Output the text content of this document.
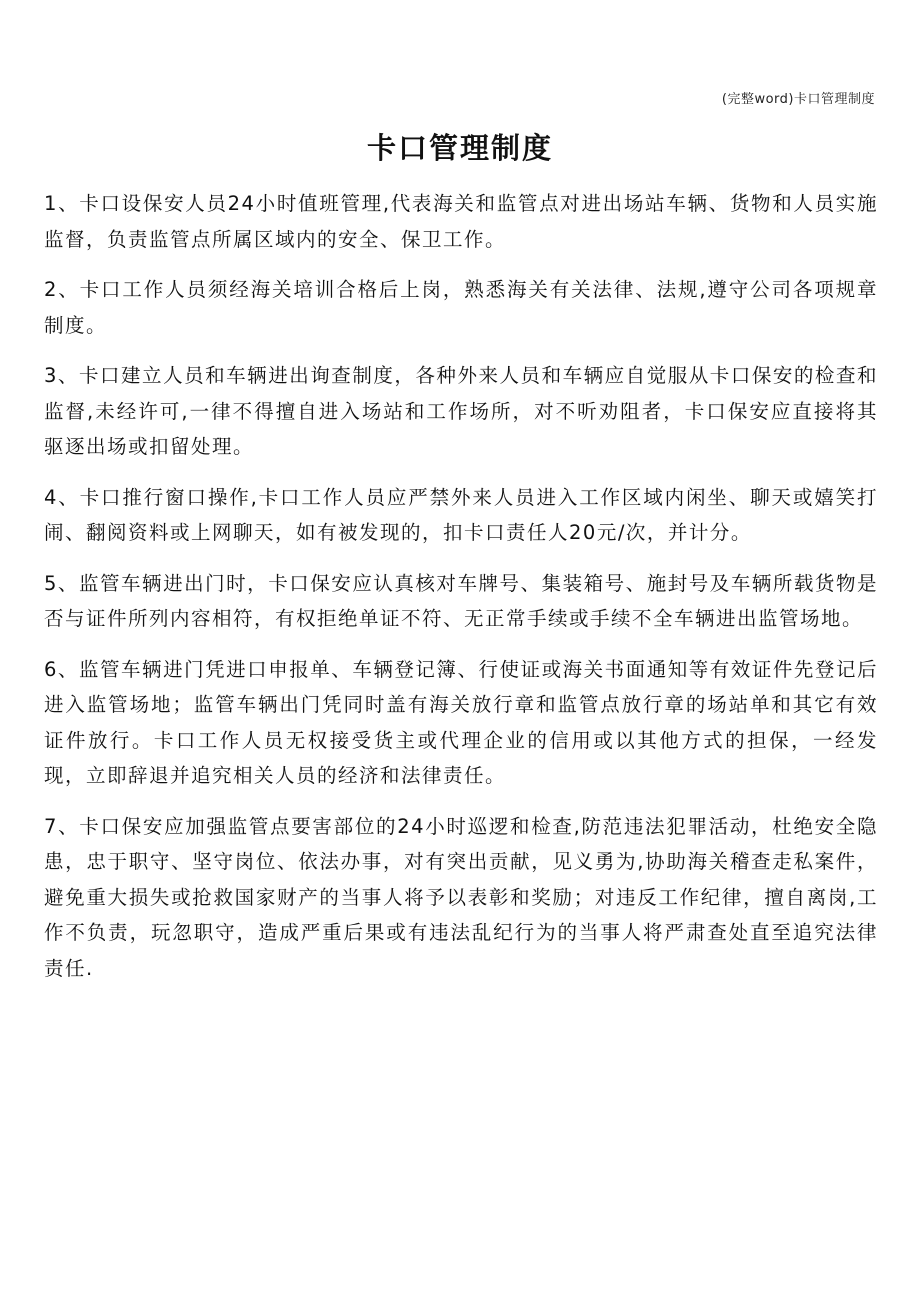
(完整word)卡口管理制度
卡口管理制度

1、卡口设保安人员24小时值班管理,代表海关和监管点对进出场站车辆、货物和人员实施监督，负责监管点所属区域内的安全、保卫工作。

2、卡口工作人员须经海关培训合格后上岗，熟悉海关有关法律、法规,遵守公司各项规章制度。

3、卡口建立人员和车辆进出询查制度，各种外来人员和车辆应自觉服从卡口保安的检查和监督,未经许可,一律不得擅自进入场站和工作场所，对不听劝阻者，卡口保安应直接将其驱逐出场或扣留处理。

4、卡口推行窗口操作,卡口工作人员应严禁外来人员进入工作区域内闲坐、聊天或嬉笑打闹、翻阅资料或上网聊天，如有被发现的，扣卡口责任人20元/次，并计分。

5、监管车辆进出门时，卡口保安应认真核对车牌号、集装箱号、施封号及车辆所载货物是否与证件所列内容相符，有权拒绝单证不符、无正常手续或手续不全车辆进出监管场地。

6、监管车辆进门凭进口申报单、车辆登记簿、行使证或海关书面通知等有效证件先登记后进入监管场地；监管车辆出门凭同时盖有海关放行章和监管点放行章的场站单和其它有效证件放行。卡口工作人员无权接受货主或代理企业的信用或以其他方式的担保，一经发现，立即辞退并追究相关人员的经济和法律责任。

7、卡口保安应加强监管点要害部位的24小时巡逻和检查,防范违法犯罪活动，杜绝安全隐患，忠于职守、坚守岗位、依法办事，对有突出贡献，见义勇为,协助海关稽查走私案件，避免重大损失或抢救国家财产的当事人将予以表彰和奖励；对违反工作纪律，擅自离岗,工作不负责，玩忽职守，造成严重后果或有违法乱纪行为的当事人将严肃查处直至追究法律责任.
